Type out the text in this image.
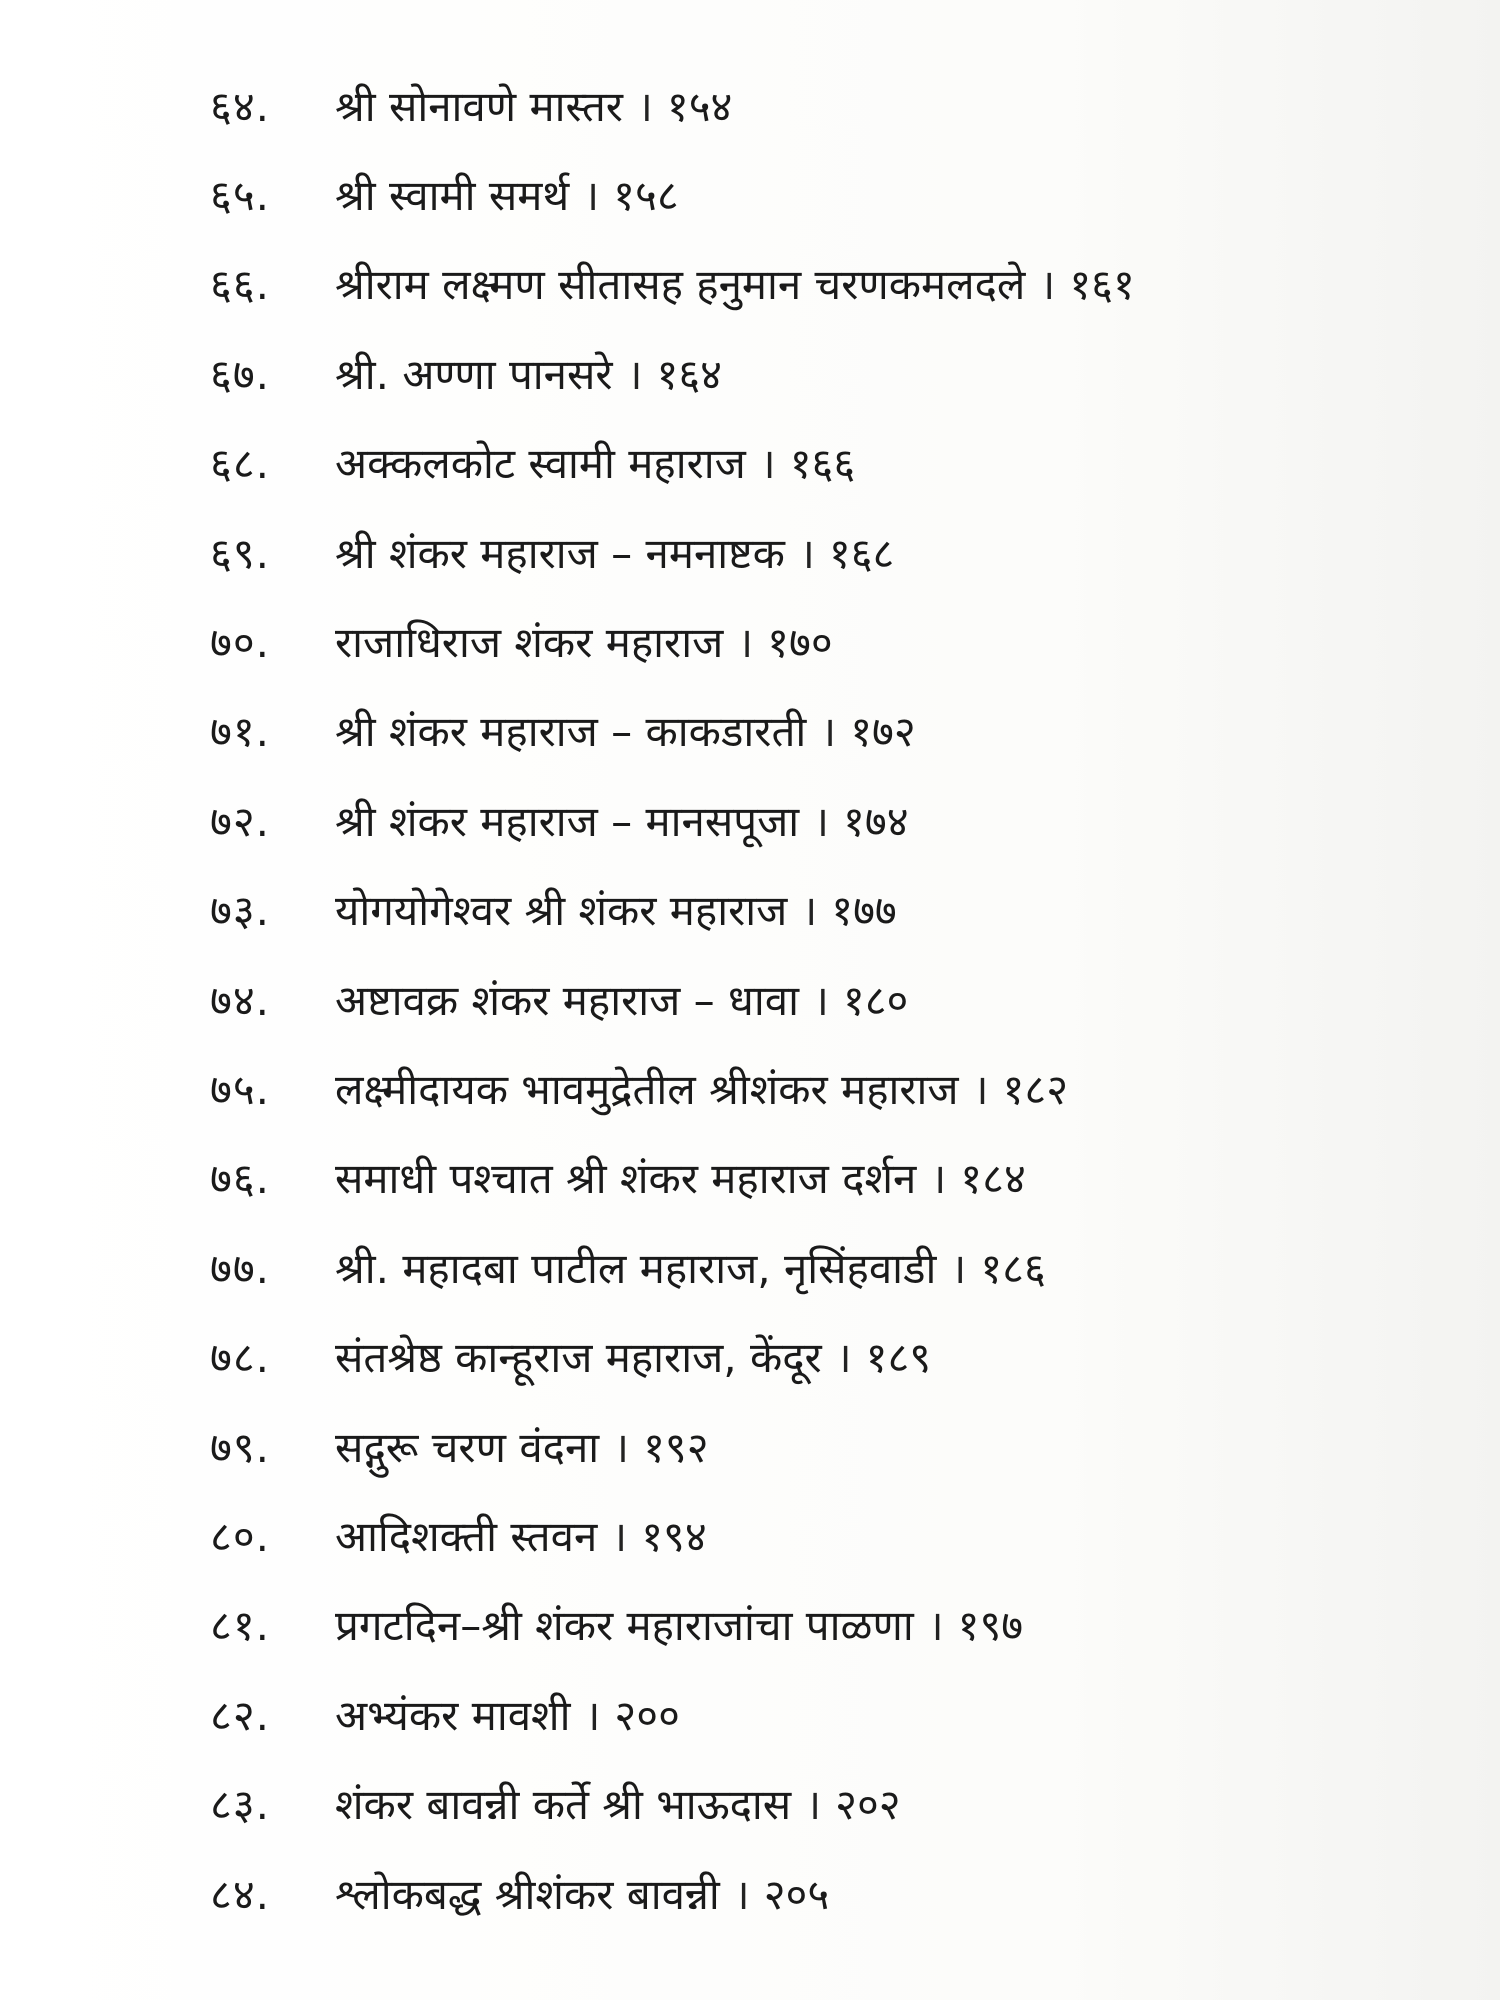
६४.	श्री सोनावणे मास्तर । १५४
६५.	श्री स्वामी समर्थ । १५८
६६.	श्रीराम लक्ष्मण सीतासह हनुमान चरणकमलदले । १६१
६७.	श्री. अण्णा पानसरे । १६४
६८.	अक्कलकोट स्वामी महाराज । १६६
६९.	श्री शंकर महाराज – नमनाष्टक । १६८
७०.	राजाधिराज शंकर महाराज । १७०
७१.	श्री शंकर महाराज – काकडारती । १७२
७२.	श्री शंकर महाराज – मानसपूजा । १७४
७३.	योगयोगेश्वर श्री शंकर महाराज । १७७
७४.	अष्टावक्र शंकर महाराज – धावा । १८०
७५.	लक्ष्मीदायक भावमुद्रेतील श्रीशंकर महाराज । १८२
७६.	समाधी पश्चात श्री शंकर महाराज दर्शन । १८४
७७.	श्री. महादबा पाटील महाराज, नृसिंहवाडी । १८६
७८.	संतश्रेष्ठ कान्हूराज महाराज, केंदूर । १८९
७९.	सद्गुरू चरण वंदना । १९२
८०.	आदिशक्ती स्तवन । १९४
८१.	प्रगटदिन–श्री शंकर महाराजांचा पाळणा । १९७
८२.	अभ्यंकर मावशी । २००
८३.	शंकर बावन्नी कर्ते श्री भाऊदास । २०२
८४.	श्लोकबद्ध श्रीशंकर बावन्नी । २०५
